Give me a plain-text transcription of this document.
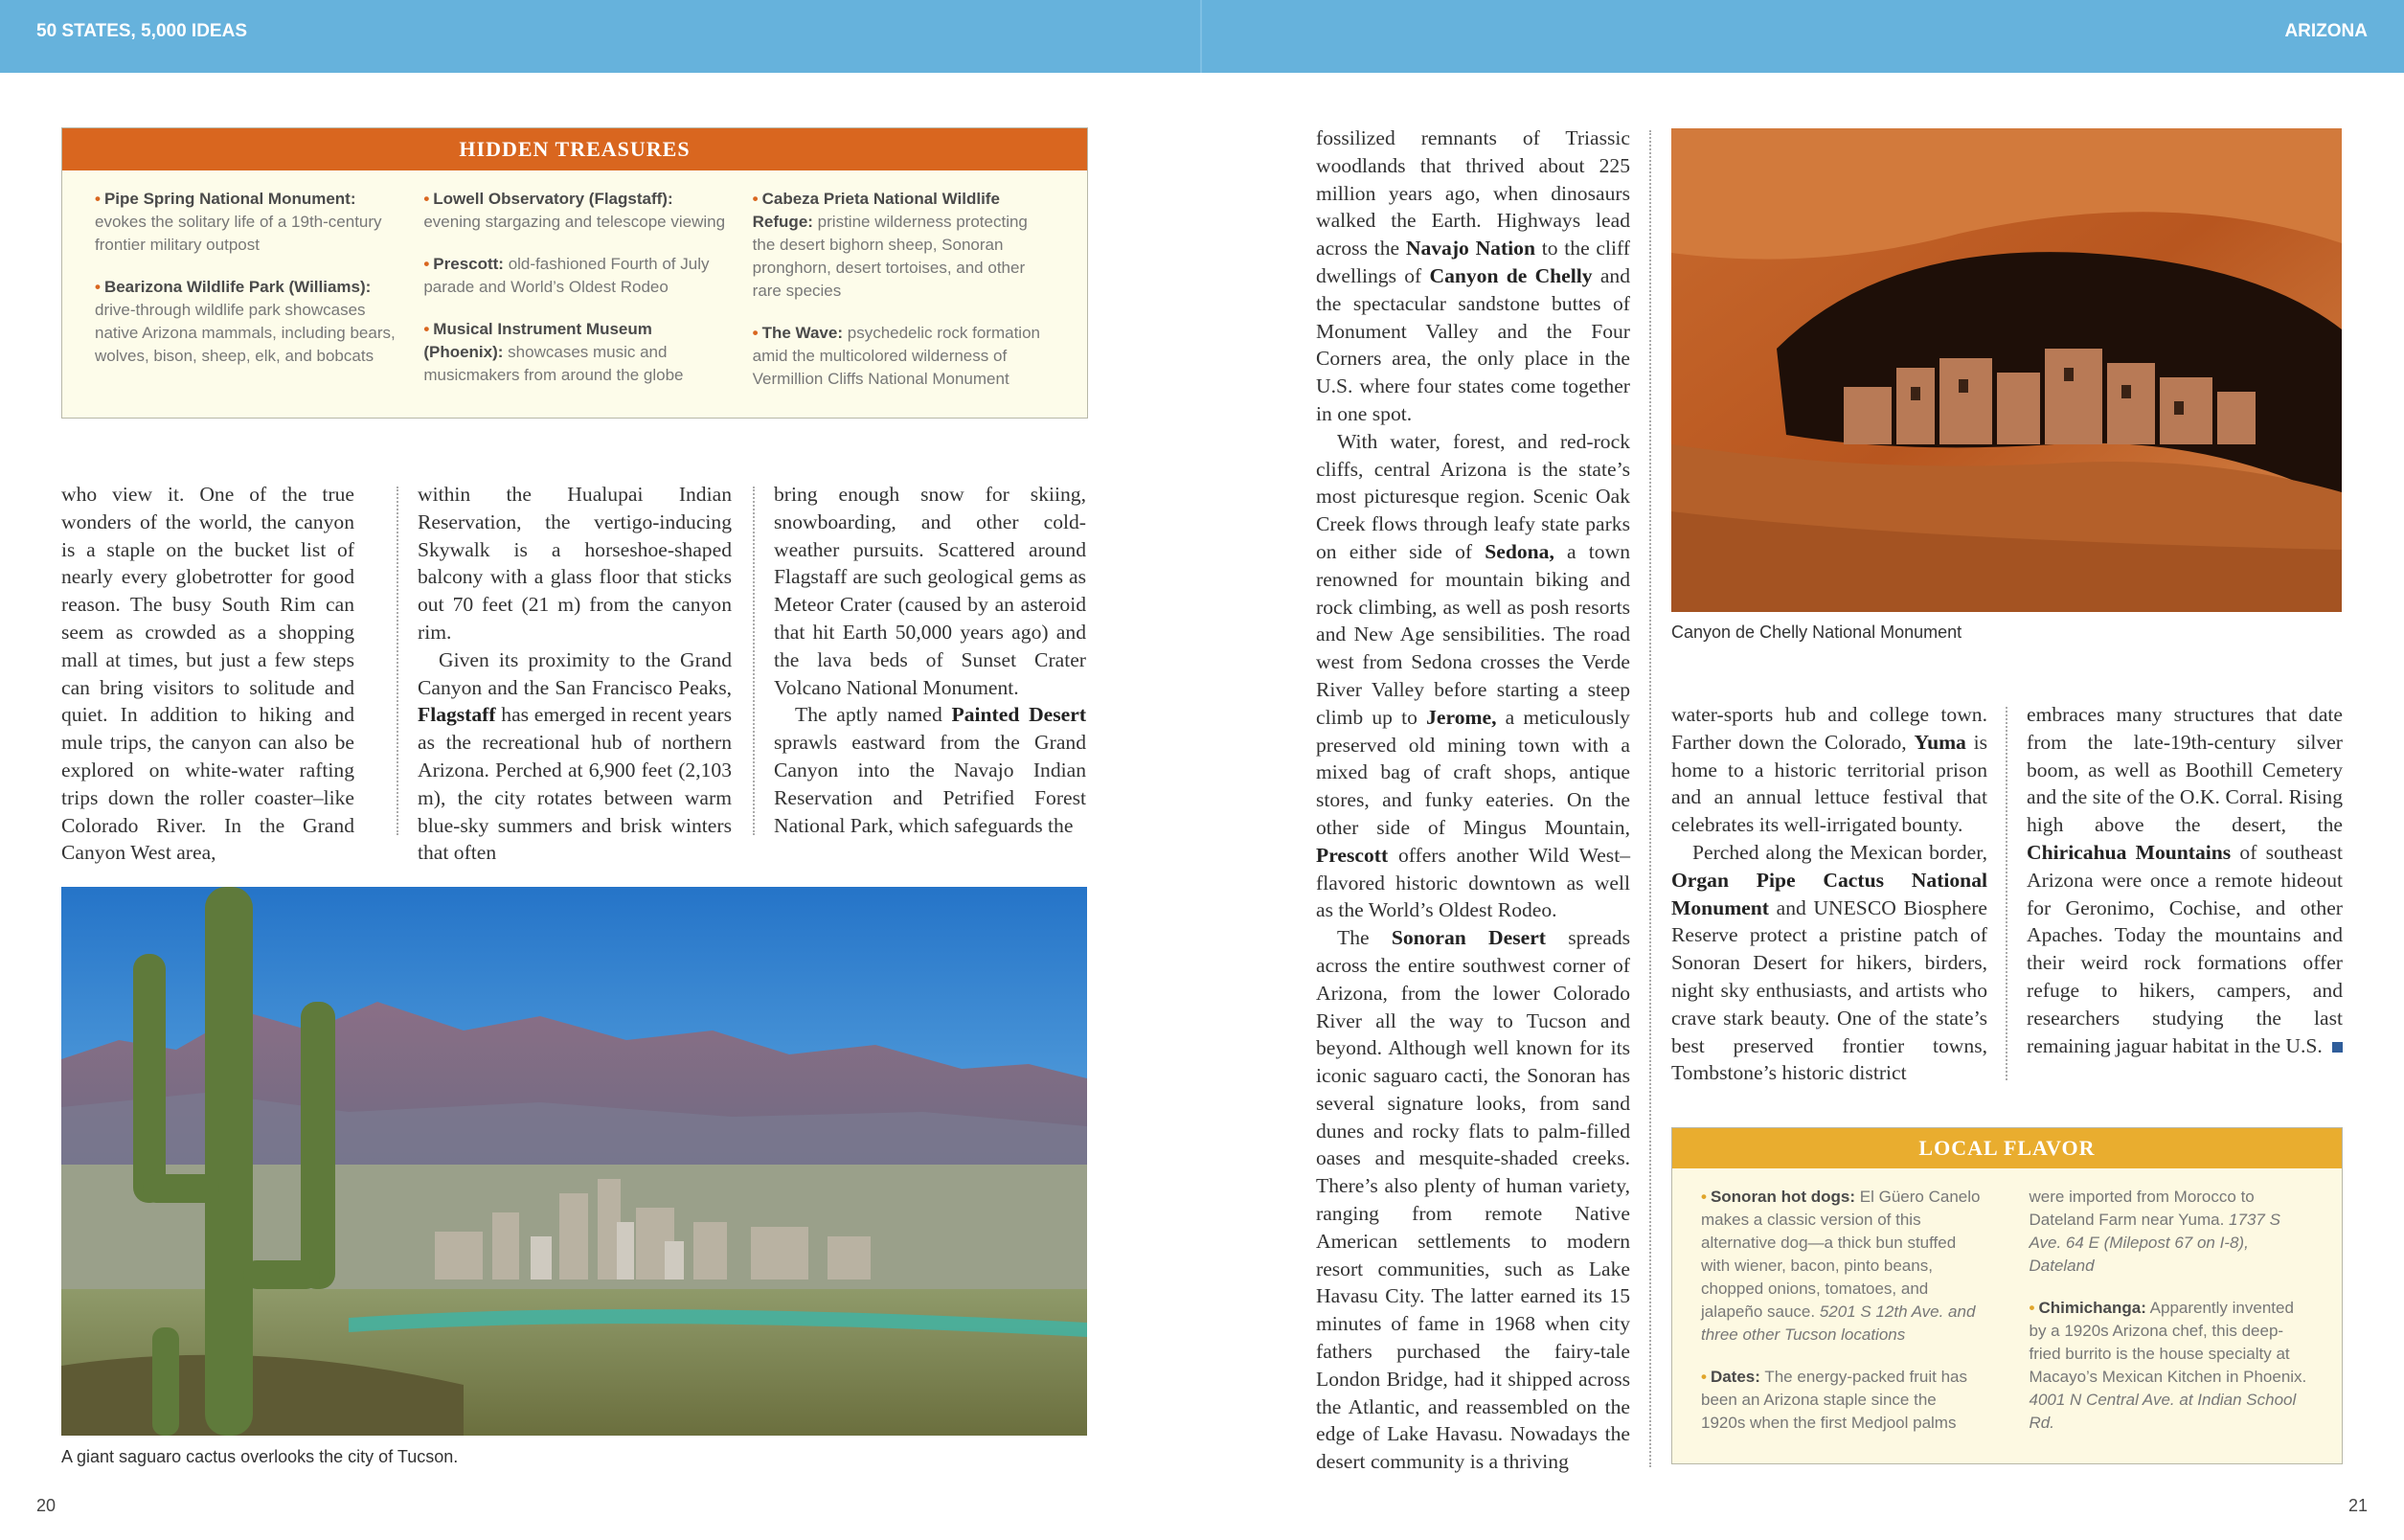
50 STATES, 5,000 IDEAS	ARIZONA
HIDDEN TREASURES
• Pipe Spring National Monument: evokes the solitary life of a 19th-century frontier military outpost
• Bearizona Wildlife Park (Williams): drive-through wildlife park showcases native Arizona mammals, including bears, wolves, bison, sheep, elk, and bobcats
• Lowell Observatory (Flagstaff): evening stargazing and telescope viewing
• Prescott: old-fashioned Fourth of July parade and World’s Oldest Rodeo
• Musical Instrument Museum (Phoenix): showcases music and musicmakers from around the globe
• Cabeza Prieta National Wildlife Refuge: pristine wilderness protecting the desert bighorn sheep, Sonoran pronghorn, desert tortoises, and other rare species
• The Wave: psychedelic rock formation amid the multicolored wilderness of Vermillion Cliffs National Monument

who view it. One of the true wonders of the world, the canyon is a staple on the bucket list of nearly every globetrotter for good reason. The busy South Rim can seem as crowded as a shopping mall at times, but just a few steps can bring visitors to solitude and quiet. In addition to hiking and mule trips, the canyon can also be explored on white-water rafting trips down the roller coaster–like Colorado River. In the Grand Canyon West area,

within the Hualupai Indian Reservation, the vertigo-inducing Skywalk is a horseshoe-shaped balcony with a glass floor that sticks out 70 feet (21 m) from the canyon rim.

Given its proximity to the Grand Canyon and the San Francisco Peaks, Flagstaff has emerged in recent years as the recreational hub of northern Arizona. Perched at 6,900 feet (2,103 m), the city rotates between warm blue-sky summers and brisk winters that often

bring enough snow for skiing, snowboarding, and other cold-weather pursuits. Scattered around Flagstaff are such geological gems as Meteor Crater (caused by an asteroid that hit Earth 50,000 years ago) and the lava beds of Sunset Crater Volcano National Monument.

The aptly named Painted Desert sprawls eastward from the Grand Canyon into the Navajo Indian Reservation and Petrified Forest National Park, which safeguards the

A giant saguaro cactus overlooks the city of Tucson.

fossilized remnants of Triassic woodlands that thrived about 225 million years ago, when dinosaurs walked the Earth. Highways lead across the Navajo Nation to the cliff dwellings of Canyon de Chelly and the spectacular sandstone buttes of Monument Valley and the Four Corners area, the only place in the U.S. where four states come together in one spot.

With water, forest, and red-rock cliffs, central Arizona is the state’s most picturesque region. Scenic Oak Creek flows through leafy state parks on either side of Sedona, a town renowned for mountain biking and rock climbing, as well as posh resorts and New Age sensibilities. The road west from Sedona crosses the Verde River Valley before starting a steep climb up to Jerome, a meticulously preserved old mining town with a mixed bag of craft shops, antique stores, and funky eateries. On the other side of Mingus Mountain, Prescott offers another Wild West–flavored historic downtown as well as the World’s Oldest Rodeo.

The Sonoran Desert spreads across the entire southwest corner of Arizona, from the lower Colorado River all the way to Tucson and beyond. Although well known for its iconic saguaro cacti, the Sonoran has several signature looks, from sand dunes and rocky flats to palm-filled oases and mesquite-shaded creeks. There’s also plenty of human variety, ranging from remote Native American settlements to modern resort communities, such as Lake Havasu City. The latter earned its 15 minutes of fame in 1968 when city fathers purchased the fairy-tale London Bridge, had it shipped across the Atlantic, and reassembled on the edge of Lake Havasu. Nowadays the desert community is a thriving

Canyon de Chelly National Monument

water-sports hub and college town. Farther down the Colorado, Yuma is home to a historic territorial prison and an annual lettuce festival that celebrates its well-irrigated bounty.

Perched along the Mexican border, Organ Pipe Cactus National Monument and UNESCO Biosphere Reserve protect a pristine patch of Sonoran Desert for hikers, birders, night sky enthusiasts, and artists who crave stark beauty. One of the state’s best preserved frontier towns, Tombstone’s historic district

embraces many structures that date from the late-19th-century silver boom, as well as Boothill Cemetery and the site of the O.K. Corral. Rising high above the desert, the Chiricahua Mountains of southeast Arizona were once a remote hideout for Geronimo, Cochise, and other Apaches. Today the mountains and their weird rock formations offer refuge to hikers, campers, and researchers studying the last remaining jaguar habitat in the U.S.

LOCAL FLAVOR
• Sonoran hot dogs: El Güero Canelo makes a classic version of this alternative dog—a thick bun stuffed with wiener, bacon, pinto beans, chopped onions, tomatoes, and jalapeño sauce. 5201 S 12th Ave. and three other Tucson locations
• Dates: The energy-packed fruit has been an Arizona staple since the 1920s when the first Medjool palms
were imported from Morocco to Dateland Farm near Yuma. 1737 S Ave. 64 E (Milepost 67 on I-8), Dateland
• Chimichanga: Apparently invented by a 1920s Arizona chef, this deep-fried burrito is the house specialty at Macayo’s Mexican Kitchen in Phoenix. 4001 N Central Ave. at Indian School Rd.
20	21
